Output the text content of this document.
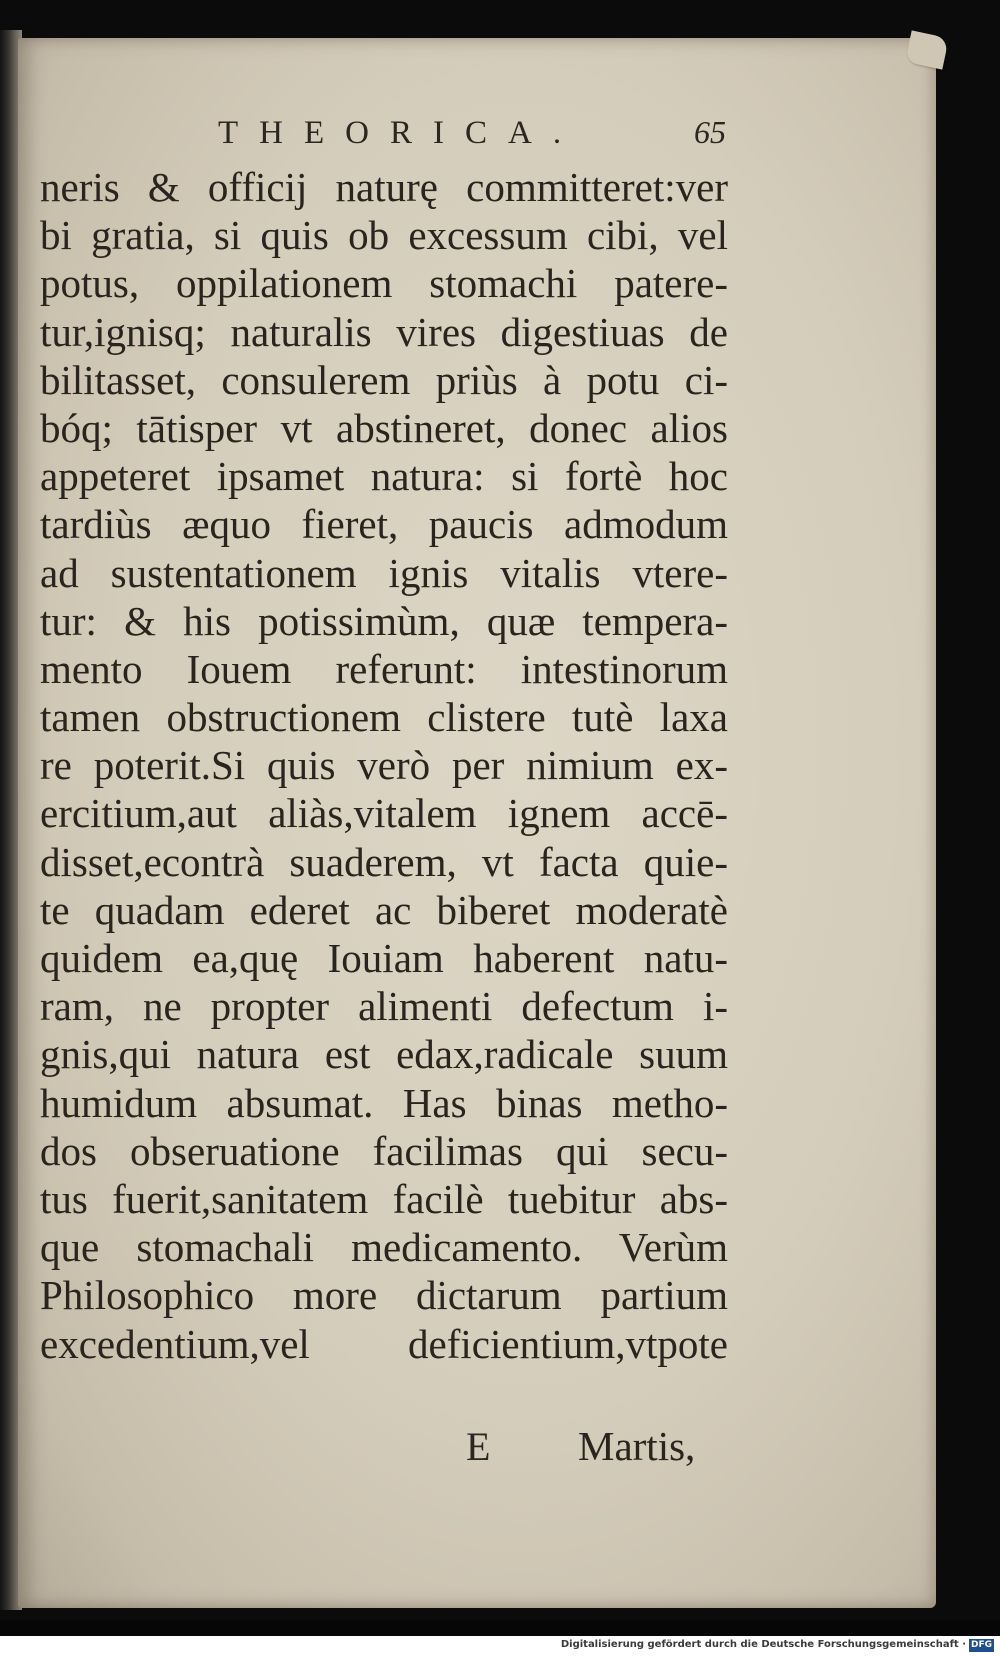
THEORICA.	65
neris & officij naturę committeret:ver
bi gratia, si quis ob excessum cibi, vel
potus, oppilationem stomachi patere-
tur,ignisq; naturalis vires digestiuas de
bilitasset, consulerem priùs à potu ci-
bóq; tātisper vt abstineret, donec alios
appeteret ipsamet natura: si fortè hoc
tardiùs æquo fieret, paucis admodum
ad sustentationem ignis vitalis vtere-
tur: & his potissimùm, quæ tempera-
mento Iouem referunt: intestinorum
tamen obstructionem clistere tutè laxa
re poterit.Si quis verò per nimium ex-
ercitium,aut aliàs,vitalem ignem accē-
disset,econtrà suaderem, vt facta quie-
te quadam ederet ac biberet moderatè
quidem ea,quę Iouiam haberent natu-
ram, ne propter alimenti defectum i-
gnis,qui natura est edax,radicale suum
humidum absumat. Has binas metho-
dos obseruatione facilimas qui secu-
tus fuerit,sanitatem facilè tuebitur abs-
que stomachali medicamento. Verùm
Philosophico more dictarum partium
excedentium,vel deficientium,vtpote
E Martis,
Digitalisierung gefördert durch die Deutsche Forschungsgemeinschaft · DFG
